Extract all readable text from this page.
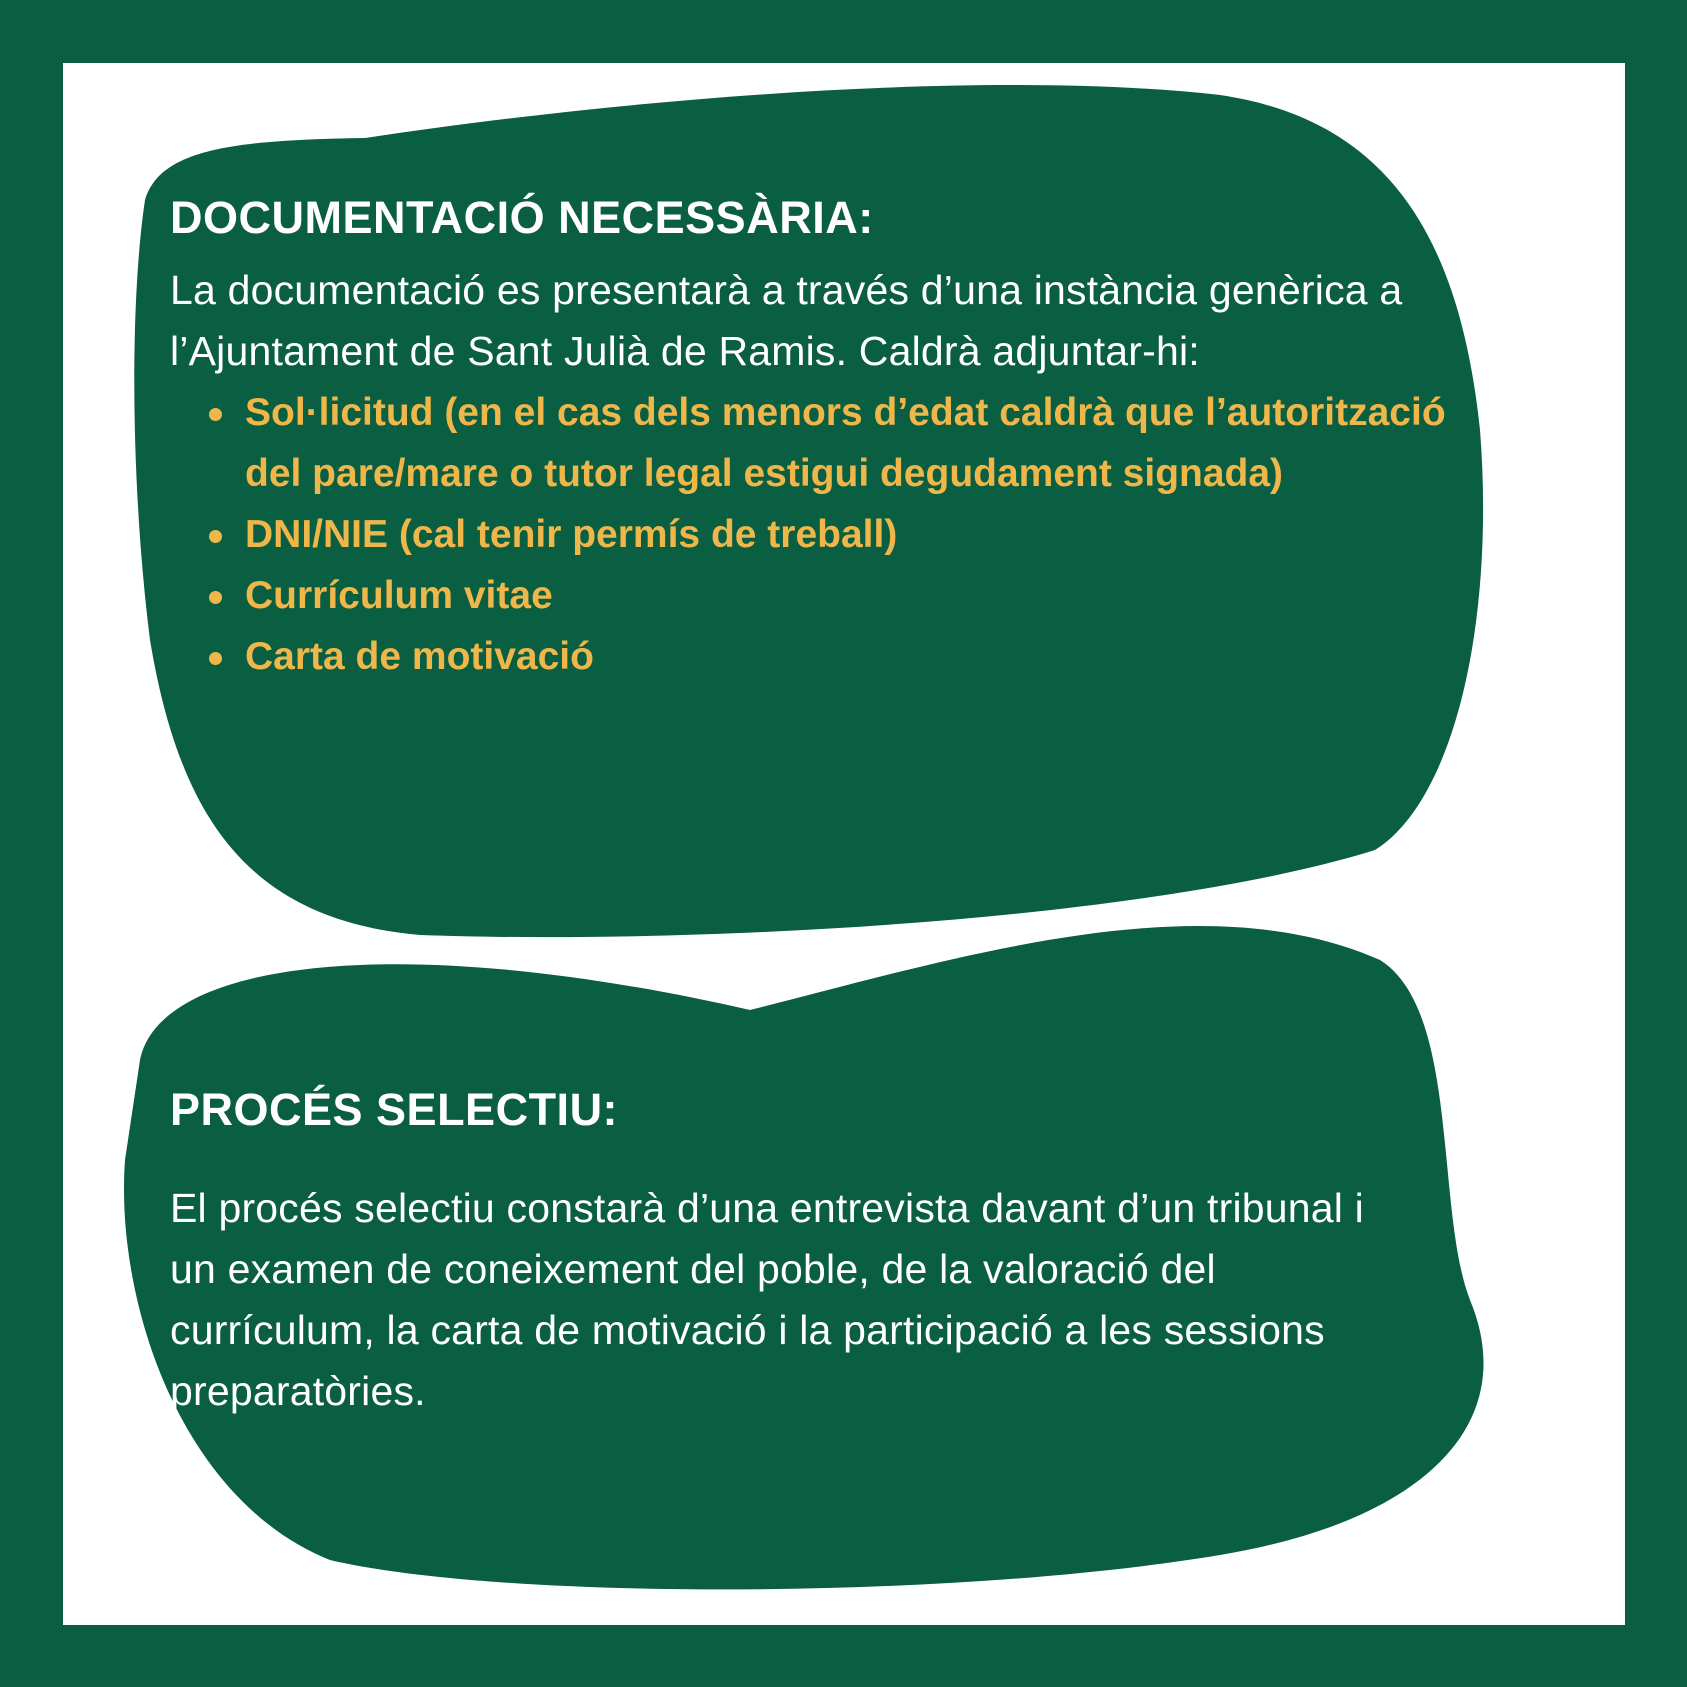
DOCUMENTACIÓ NECESSÀRIA:

La documentació es presentarà a través d’una instància genèrica a l’Ajuntament de Sant Julià de Ramis. Caldrà adjuntar-hi:

Sol·licitud (en el cas dels menors d’edat caldrà que l’autorització del pare/mare o tutor legal estigui degudament signada)
DNI/NIE (cal tenir permís de treball)
Currículum vitae
Carta de motivació
PROCÉS SELECTIU:

El procés selectiu constarà d’una entrevista davant d’un tribunal i un examen de coneixement del poble, de la valoració del currículum, la carta de motivació i la participació a les sessions preparatòries.
